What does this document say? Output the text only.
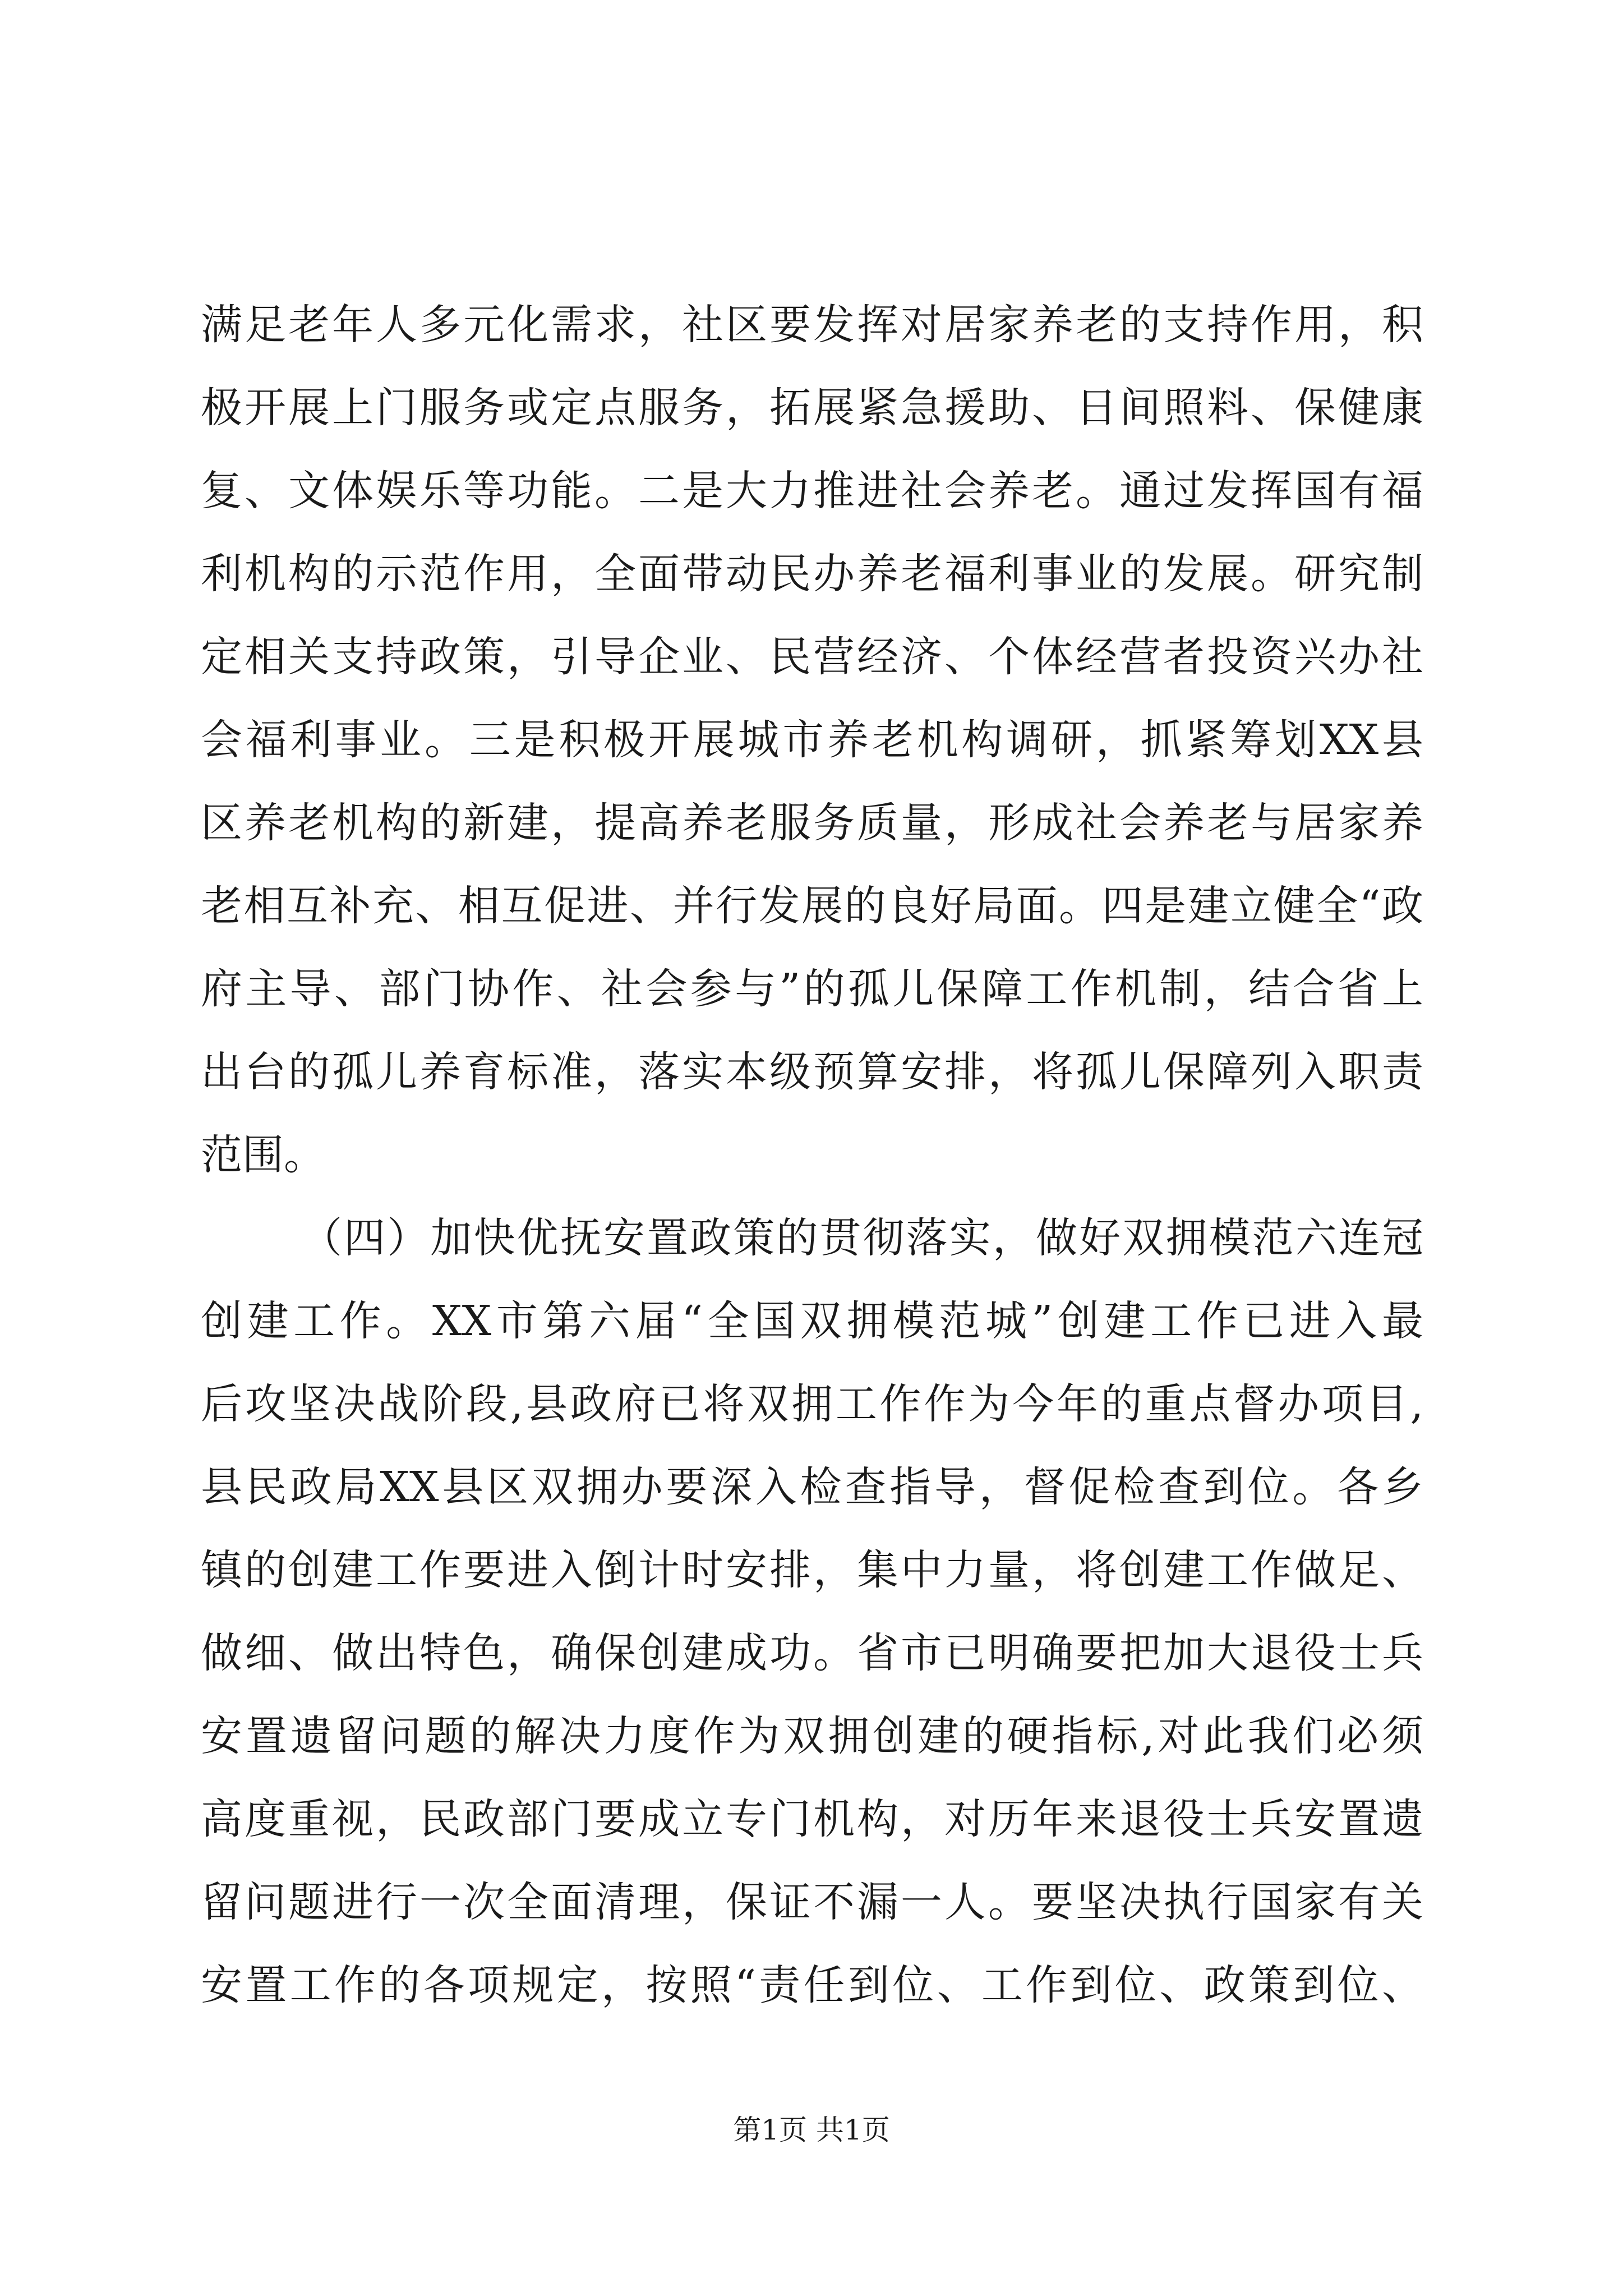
满足老年人多元化需求，社区要发挥对居家养老的支持作用，积

极开展上门服务或定点服务，拓展紧急援助、日间照料、保健康

复、文体娱乐等功能。二是大力推进社会养老。通过发挥国有福

利机构的示范作用，全面带动民办养老福利事业的发展。研究制

定相关支持政策，引导企业、民营经济、个体经营者投资兴办社

会福利事业。三是积极开展城市养老机构调研，抓紧筹划XX县

区养老机构的新建，提高养老服务质量，形成社会养老与居家养

老相互补充、相互促进、并行发展的良好局面。四是建立健全“政

府主导、部门协作、社会参与”的孤儿保障工作机制，结合省上

出台的孤儿养育标准，落实本级预算安排，将孤儿保障列入职责

范围。

（四）加快优抚安置政策的贯彻落实，做好双拥模范六连冠

创建工作。XX市第六届“全国双拥模范城”创建工作已进入最

后攻坚决战阶段,县政府已将双拥工作作为今年的重点督办项目,

县民政局XX县区双拥办要深入检查指导，督促检查到位。各乡

镇的创建工作要进入倒计时安排，集中力量，将创建工作做足、

做细、做出特色，确保创建成功。省市已明确要把加大退役士兵

安置遗留问题的解决力度作为双拥创建的硬指标,对此我们必须

高度重视，民政部门要成立专门机构，对历年来退役士兵安置遗

留问题进行一次全面清理，保证不漏一人。要坚决执行国家有关

安置工作的各项规定，按照“责任到位、工作到位、政策到位、

第1页 共1页
